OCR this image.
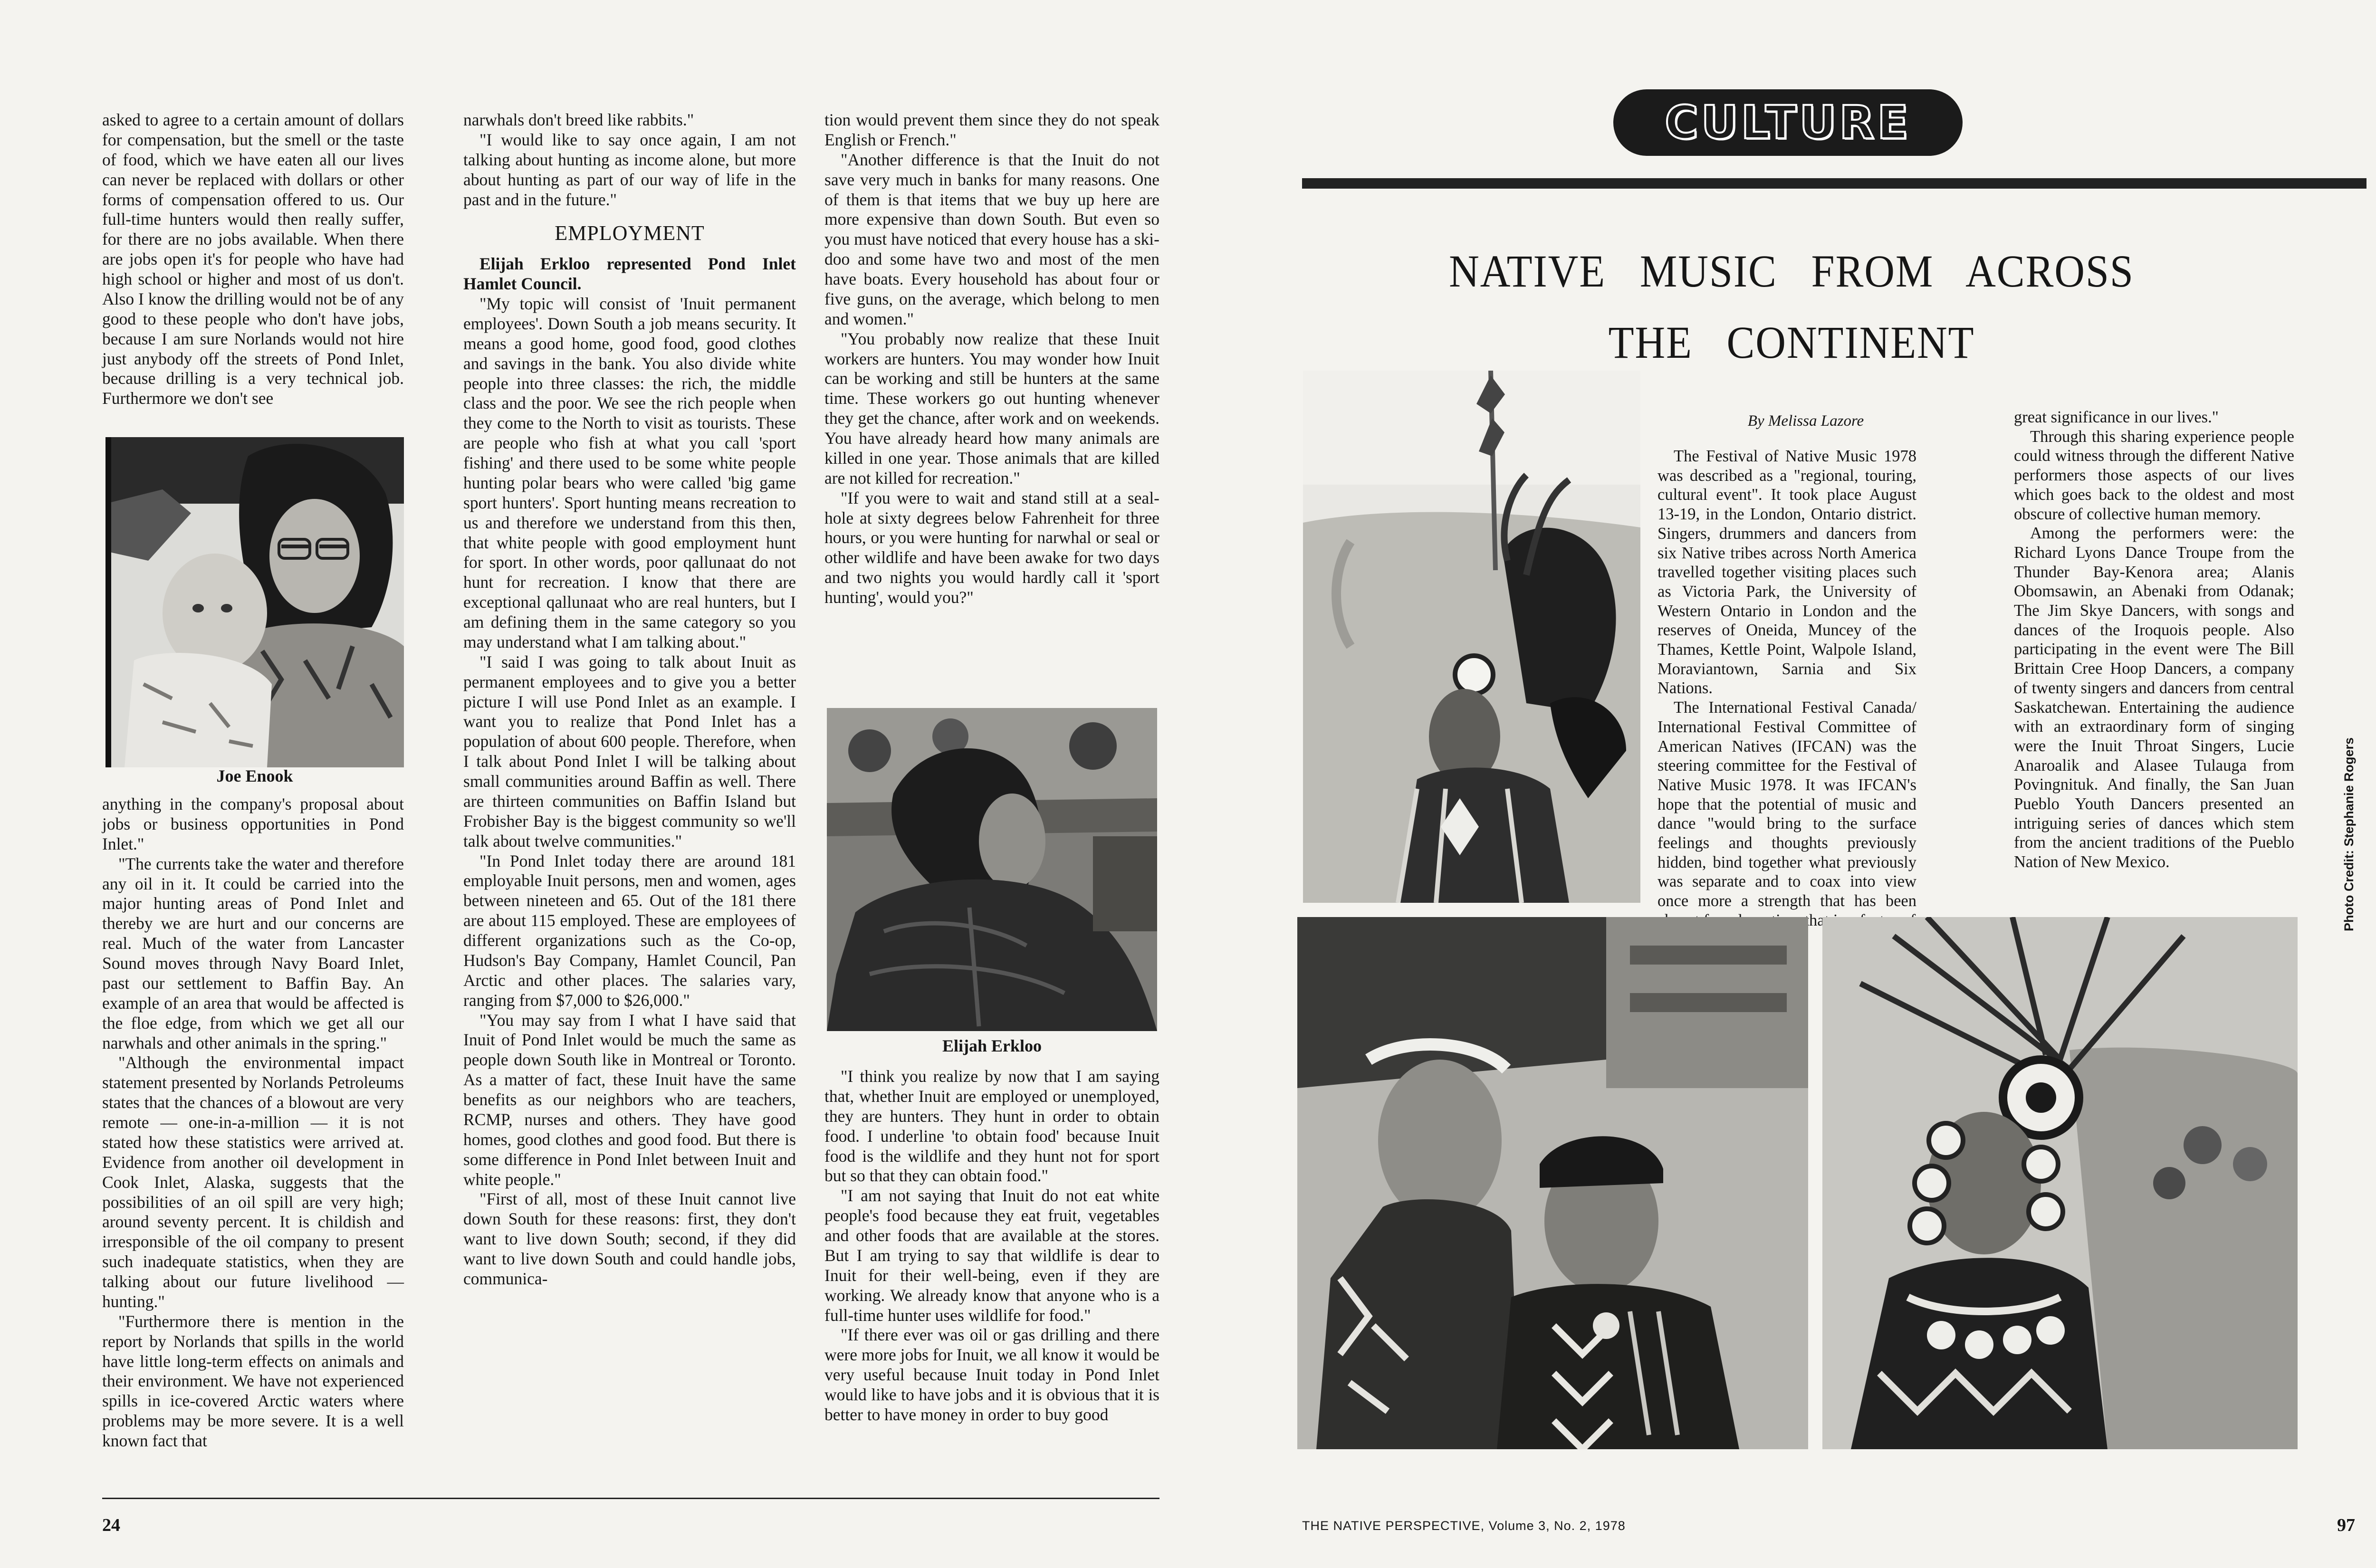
asked to agree to a certain amount of dollars for compensation, but the smell or the taste of food, which we have eaten all our lives can never be replaced with dollars or other forms of compensation offered to us. Our full-time hunters would then really suffer, for there are no jobs available. When there are jobs open it's for people who have had high school or higher and most of us don't. Also I know the drilling would not be of any good to these people who don't have jobs, because I am sure Norlands would not hire just anybody off the streets of Pond Inlet, because drilling is a very technical job. Furthermore we don't see

Joe Enook

anything in the company's proposal about jobs or business opportunities in Pond Inlet."

"The currents take the water and therefore any oil in it. It could be carried into the major hunting areas of Pond Inlet and thereby we are hurt and our concerns are real. Much of the water from Lancaster Sound moves through Navy Board Inlet, past our settlement to Baffin Bay. An example of an area that would be affected is the floe edge, from which we get all our narwhals and other animals in the spring."

"Although the environmental impact statement presented by Norlands Petroleums states that the chances of a blowout are very remote — one-in-a-million — it is not stated how these statistics were arrived at. Evidence from another oil development in Cook Inlet, Alaska, suggests that the possibilities of an oil spill are very high; around seventy percent. It is childish and irresponsible of the oil company to present such inadequate statistics, when they are talking about our future livelihood — hunting."

"Furthermore there is mention in the report by Norlands that spills in the world have little long-term effects on animals and their environment. We have not experienced spills in ice-covered Arctic waters where problems may be more severe. It is a well known fact that

narwhals don't breed like rabbits."

"I would like to say once again, I am not talking about hunting as income alone, but more about hunting as part of our way of life in the past and in the future."

EMPLOYMENT

Elijah Erkloo represented Pond Inlet Hamlet Council.

"My topic will consist of 'Inuit permanent employees'. Down South a job means security. It means a good home, good food, good clothes and savings in the bank. You also divide white people into three classes: the rich, the middle class and the poor. We see the rich people when they come to the North to visit as tourists. These are people who fish at what you call 'sport fishing' and there used to be some white people hunting polar bears who were called 'big game sport hunters'. Sport hunting means recreation to us and therefore we understand from this then, that white people with good employment hunt for sport. In other words, poor qallunaat do not hunt for recreation. I know that there are exceptional qallunaat who are real hunters, but I am defining them in the same category so you may understand what I am talking about."

"I said I was going to talk about Inuit as permanent employees and to give you a better picture I will use Pond Inlet as an example. I want you to realize that Pond Inlet has a population of about 600 people. Therefore, when I talk about Pond Inlet I will be talking about small communities around Baffin as well. There are thirteen communities on Baffin Island but Frobisher Bay is the biggest community so we'll talk about twelve communities."

"In Pond Inlet today there are around 181 employable Inuit persons, men and women, ages between nineteen and 65. Out of the 181 there are about 115 employed. These are employees of different organizations such as the Co-op, Hudson's Bay Company, Hamlet Council, Pan Arctic and other places. The salaries vary, ranging from $7,000 to $26,000."

"You may say from I what I have said that Inuit of Pond Inlet would be much the same as people down South like in Montreal or Toronto. As a matter of fact, these Inuit have the same benefits as our neighbors who are teachers, RCMP, nurses and others. They have good homes, good clothes and good food. But there is some difference in Pond Inlet between Inuit and white people."

"First of all, most of these Inuit cannot live down South for these reasons: first, they don't want to live down South; second, if they did want to live down South and could handle jobs, communica-

tion would prevent them since they do not speak English or French."

"Another difference is that the Inuit do not save very much in banks for many reasons. One of them is that items that we buy up here are more expensive than down South. But even so you must have noticed that every house has a ski-doo and some have two and most of the men have boats. Every household has about four or five guns, on the average, which belong to men and women."

"You probably now realize that these Inuit workers are hunters. You may wonder how Inuit can be working and still be hunters at the same time. These workers go out hunting whenever they get the chance, after work and on weekends. You have already heard how many animals are killed in one year. Those animals that are killed are not killed for recreation."

"If you were to wait and stand still at a seal-hole at sixty degrees below Fahrenheit for three hours, or you were hunting for narwhal or seal or other wildlife and have been awake for two days and two nights you would hardly call it 'sport hunting', would you?"

Elijah Erkloo

"I think you realize by now that I am saying that, whether Inuit are employed or unemployed, they are hunters. They hunt in order to obtain food. I underline 'to obtain food' because Inuit food is the wildlife and they hunt not for sport but so that they can obtain food."

"I am not saying that Inuit do not eat white people's food because they eat fruit, vegetables and other foods that are available at the stores. But I am trying to say that wildlife is dear to Inuit for their well-being, even if they are working. We already know that anyone who is a full-time hunter uses wildlife for food."

"If there ever was oil or gas drilling and there were more jobs for Inuit, we all know it would be very useful because Inuit today in Pond Inlet would like to have jobs and it is obvious that it is better to have money in order to buy good

24
CULTURE
NATIVE   MUSIC   FROM   ACROSS
THE   CONTINENT
By Melissa Lazore

The Festival of Native Music 1978 was described as a "regional, touring, cultural event". It took place August 13-19, in the London, Ontario district. Singers, drummers and dancers from six Native tribes across North America travelled together visiting places such as Victoria Park, the University of Western Ontario in London and the reserves of Oneida, Muncey of the Thames, Kettle Point, Walpole Island, Moraviantown, Sarnia and Six Nations.

The International Festival Canada/ International Festival Committee of American Natives (IFCAN) was the steering committee for the Festival of Native Music 1978. It was IFCAN's hope that the potential of music and dance "would bring to the surface feelings and thoughts previously hidden, bind together what previously was separate and to coax into view once more a strength that has been that

great significance in our lives."

Through this sharing experience people could witness through the different Native performers those aspects of our lives which goes back to the oldest and most obscure of collective human memory.

Among the performers were: the Richard Lyons Dance Troupe from the Thunder Bay-Kenora area; Alanis Obomsawin, an Abenaki from Odanak; The Jim Skye Dancers, with songs and dances of the Iroquois people. Also participating in the event were The Bill Brittain Cree Hoop Dancers, a company of twenty singers and dancers from central Saskatchewan. Entertaining the audience with an extraordinary form of singing were the Inuit Throat Singers, Lucie Anaroalik and Alasee Tulauga from Povingnituk. And finally, the San Juan Pueblo Youth Dancers presented an intriguing series of dances which stem from the ancient traditions of the Pueblo Nation of New Mexico.	Photo Credit: Stephanie Rogers
THE NATIVE PERSPECTIVE, Volume 3, No. 2, 1978	97
